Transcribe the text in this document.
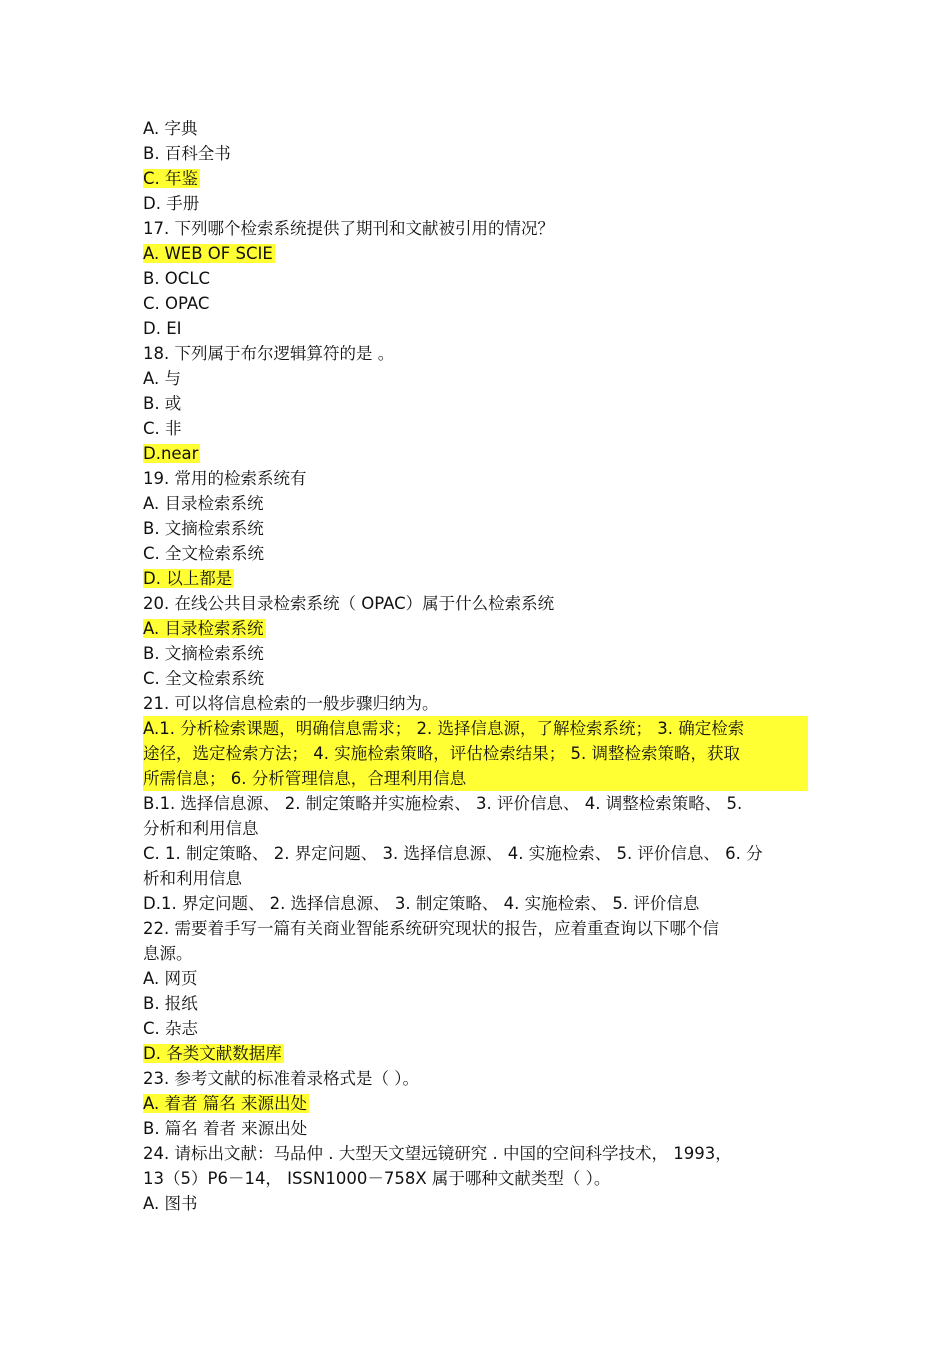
A. 字典
B. 百科全书
C. 年鉴
D. 手册
17. 下列哪个检索系统提供了期刊和文献被引用的情况？
A. WEB OF SCIE
B. OCLC
C. OPAC
D. EI
18. 下列属于布尔逻辑算符的是 。
A. 与
B. 或
C. 非
D.near
19. 常用的检索系统有
A. 目录检索系统
B. 文摘检索系统
C. 全文检索系统
D. 以上都是
20. 在线公共目录检索系统（ OPAC）属于什么检索系统
A. 目录检索系统
B. 文摘检索系统
C. 全文检索系统
21. 可以将信息检索的一般步骤归纳为。
A.1. 分析检索课题，明确信息需求； 2. 选择信息源，了解检索系统； 3. 确定检索
途径，选定检索方法； 4. 实施检索策略，评估检索结果； 5. 调整检索策略，获取
所需信息； 6. 分析管理信息，合理利用信息
B.1. 选择信息源、 2. 制定策略并实施检索、 3. 评价信息、 4. 调整检索策略、 5.
分析和利用信息
C. 1. 制定策略、 2. 界定问题、 3. 选择信息源、 4. 实施检索、 5. 评价信息、 6. 分
析和利用信息
D.1. 界定问题、 2. 选择信息源、 3. 制定策略、 4. 实施检索、 5. 评价信息
22. 需要着手写一篇有关商业智能系统研究现状的报告，应着重查询以下哪个信
息源。
A. 网页
B. 报纸
C. 杂志
D. 各类文献数据库
23. 参考文献的标准着录格式是（ ）。
A. 着者 篇名 来源出处
B. 篇名 着者 来源出处
24. 请标出文献：马品仲 . 大型天文望远镜研究 . 中国的空间科学技术， 1993，
13（5）P6－14， ISSN1000－758X 属于哪种文献类型（ ）。
A. 图书
